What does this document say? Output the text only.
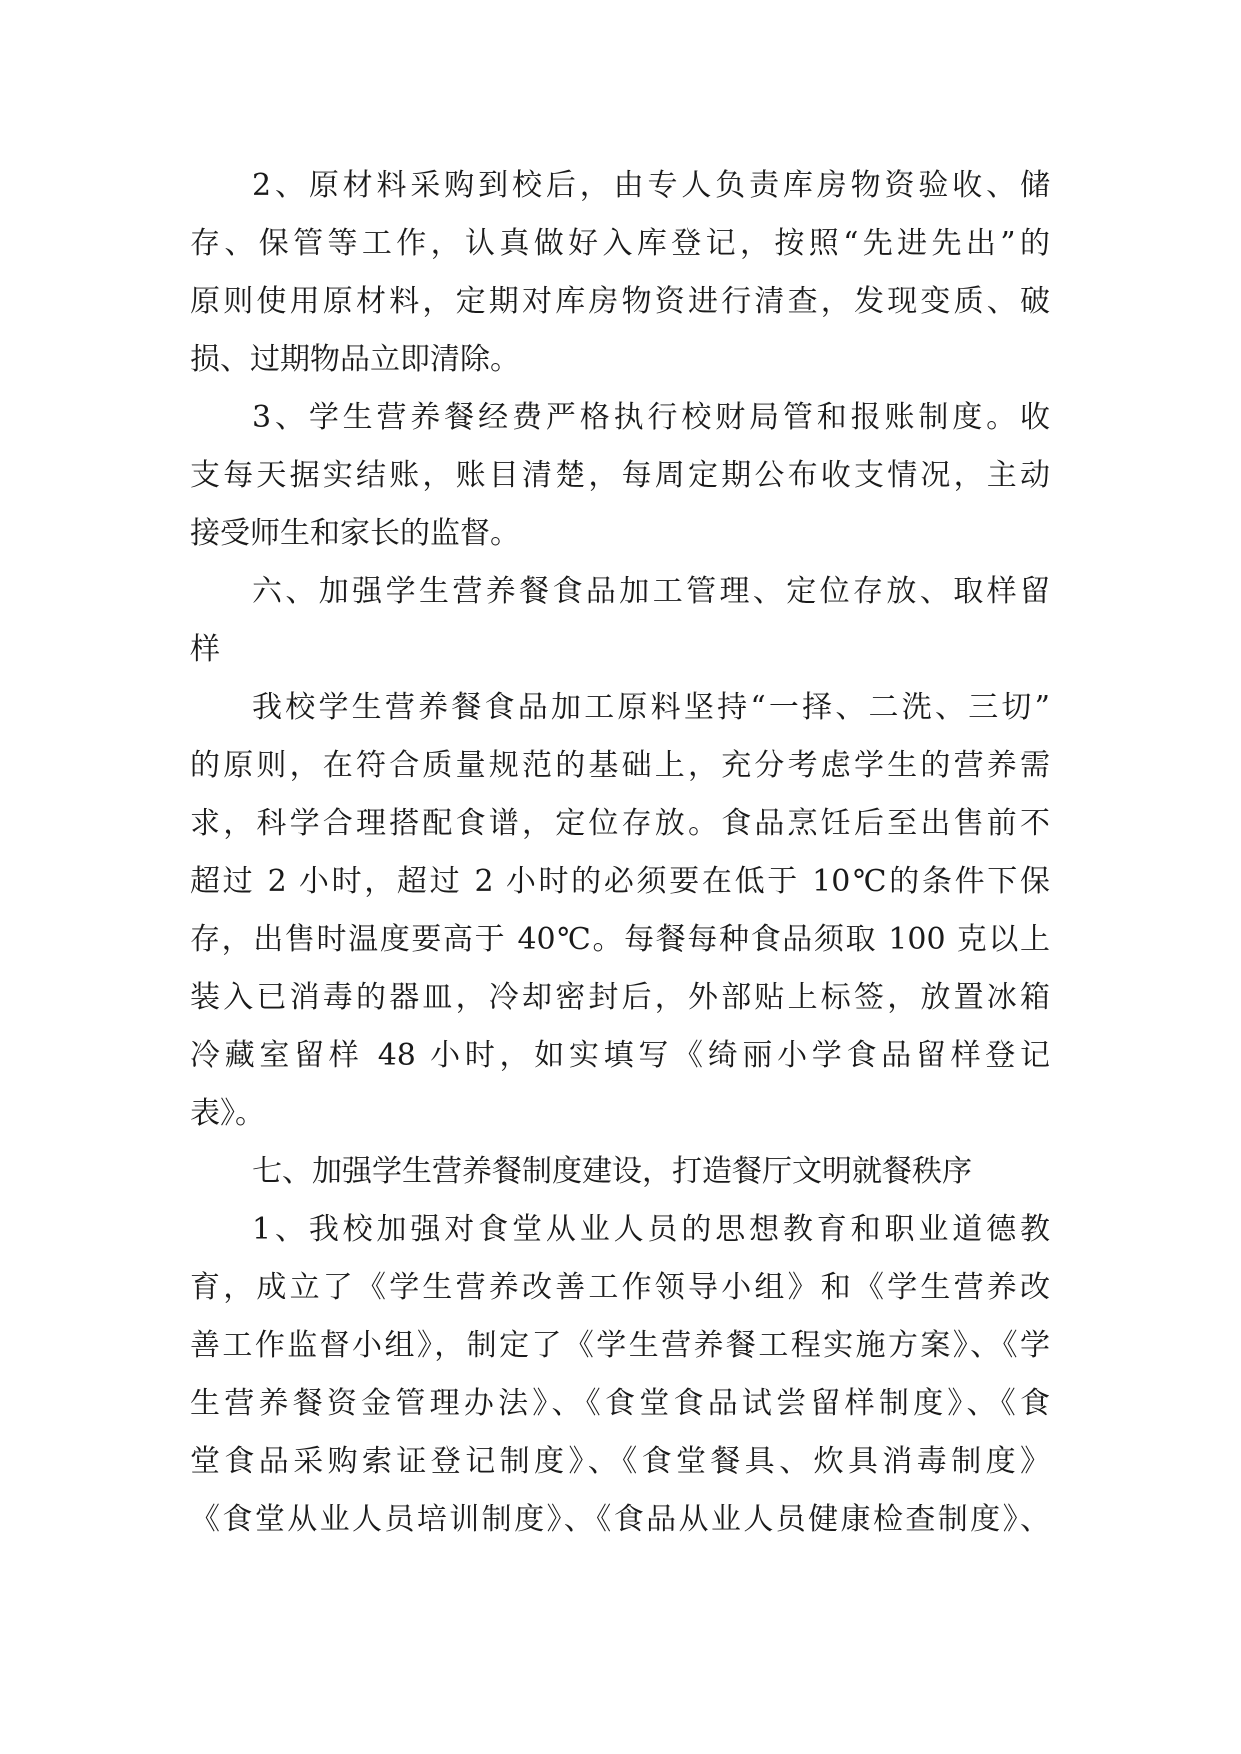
2、原材料采购到校后，由专人负责库房物资验收、储
存、保管等工作，认真做好入库登记，按照“先进先出”的
原则使用原材料，定期对库房物资进行清查，发现变质、破
损、过期物品立即清除。
3、学生营养餐经费严格执行校财局管和报账制度。收
支每天据实结账，账目清楚，每周定期公布收支情况，主动
接受师生和家长的监督。
六、加强学生营养餐食品加工管理、定位存放、取样留
样
我校学生营养餐食品加工原料坚持“一择、二洗、三切”
的原则，在符合质量规范的基础上，充分考虑学生的营养需
求，科学合理搭配食谱，定位存放。食品烹饪后至出售前不
超过 2 小时，超过 2 小时的必须要在低于 10℃的条件下保
存，出售时温度要高于 40℃。每餐每种食品须取 100 克以上
装入已消毒的器皿，冷却密封后，外部贴上标签，放置冰箱
冷藏室留样 48 小时，如实填写《绮丽小学食品留样登记
表》。
七、加强学生营养餐制度建设，打造餐厅文明就餐秩序
1、我校加强对食堂从业人员的思想教育和职业道德教
育，成立了《学生营养改善工作领导小组》和《学生营养改
善工作监督小组》，制定了《学生营养餐工程实施方案》、《学
生营养餐资金管理办法》、《食堂食品试尝留样制度》、《食
堂食品采购索证登记制度》、《食堂餐具、炊具消毒制度》
《食堂从业人员培训制度》、《食品从业人员健康检查制度》、
